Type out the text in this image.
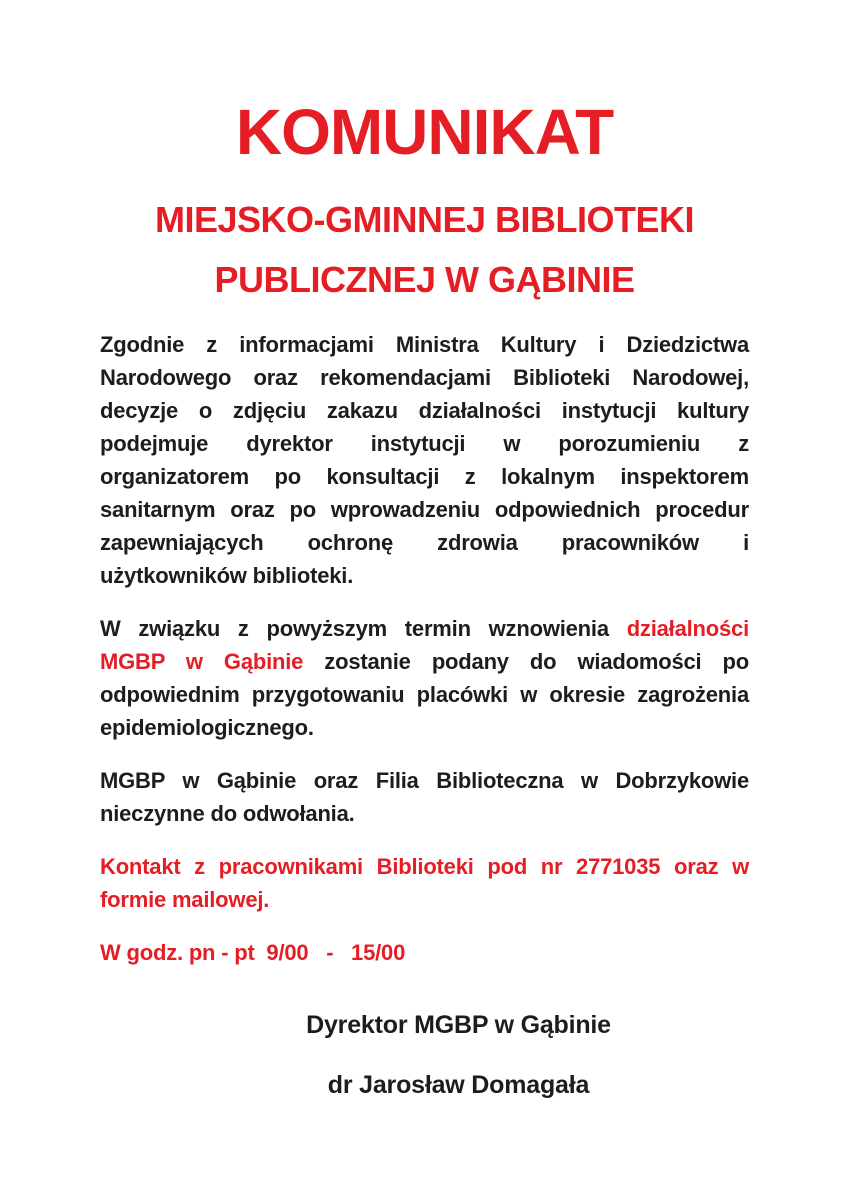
KOMUNIKAT
MIEJSKO-GMINNEJ BIBLIOTEKI
PUBLICZNEJ W GĄBINIE
Zgodnie z informacjami Ministra Kultury i Dziedzictwa
Narodowego oraz rekomendacjami Biblioteki Narodowej,
decyzje o zdjęciu zakazu działalności instytucji kultury
podejmuje dyrektor instytucji w porozumieniu z
organizatorem po konsultacji z lokalnym inspektorem
sanitarnym oraz po wprowadzeniu odpowiednich procedur
zapewniających ochronę zdrowia pracowników i
użytkowników biblioteki.
W związku z powyższym termin wznowienia działalności
MGBP w Gąbinie zostanie podany do wiadomości po
odpowiednim przygotowaniu placówki w okresie zagrożenia
epidemiologicznego.
MGBP w Gąbinie oraz Filia Biblioteczna w Dobrzykowie
nieczynne do odwołania.
Kontakt z pracownikami Biblioteki pod nr 2771035 oraz w
formie mailowej.
W godz. pn - pt  9/00   -   15/00
Dyrektor MGBP w Gąbinie
dr Jarosław Domagała
